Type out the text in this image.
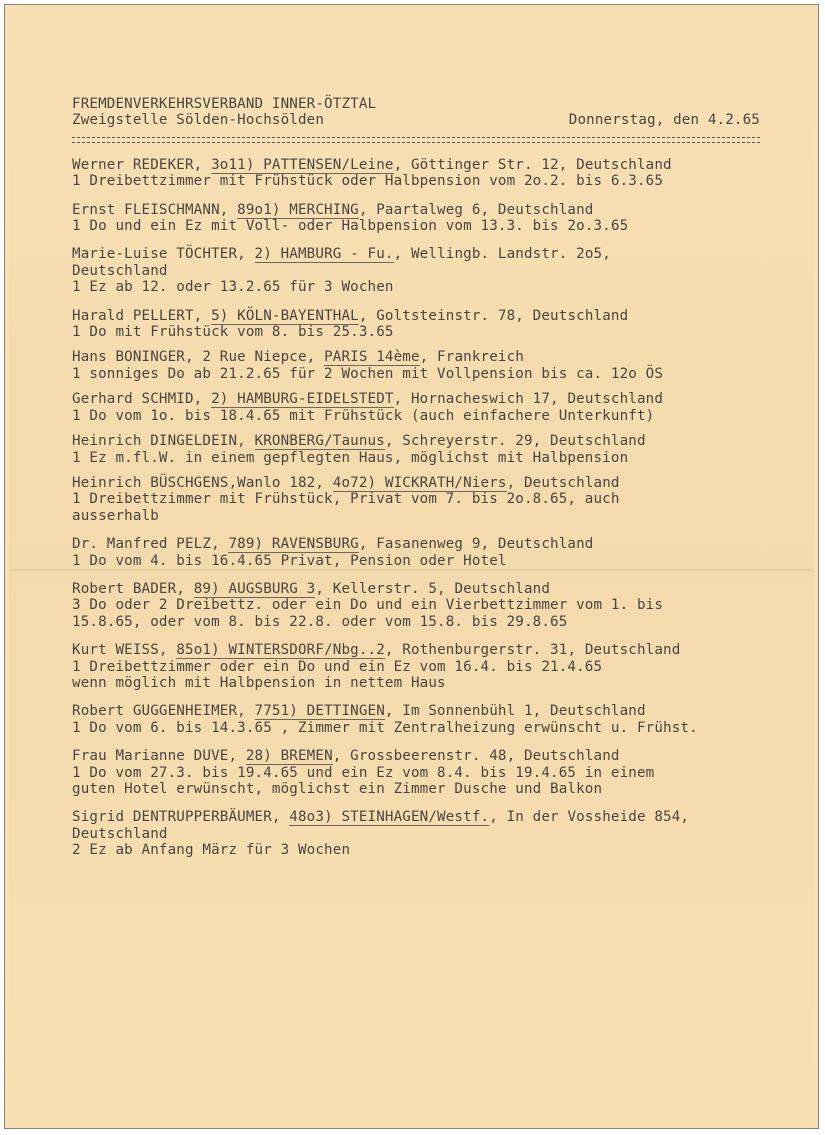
FREMDENVERKEHRSVERBAND INNER-ÖTZTAL
Zweigstelle Sölden-Hochsölden	Donnerstag, den 4.2.65
Werner REDEKER, 3o11) PATTENSEN/Leine, Göttinger Str. 12, Deutschland
1 Dreibettzimmer mit Frühstück oder Halbpension vom 2o.2. bis 6.3.65
Ernst FLEISCHMANN, 89o1) MERCHING, Paartalweg 6, Deutschland
1 Do und ein Ez mit Voll- oder Halbpension vom 13.3. bis 2o.3.65
Marie-Luise TÖCHTER, 2) HAMBURG - Fu., Wellingb. Landstr. 2o5,
Deutschland
1 Ez ab 12. oder 13.2.65 für 3 Wochen
Harald PELLERT, 5) KÖLN-BAYENTHAL, Goltsteinstr. 78, Deutschland
1 Do mit Frühstück vom 8. bis 25.3.65
Hans BONINGER, 2 Rue Niepce, PARIS 14ème, Frankreich
1 sonniges Do ab 21.2.65 für 2 Wochen mit Vollpension bis ca. 12o ÖS
Gerhard SCHMID, 2) HAMBURG-EIDELSTEDT, Hornacheswich 17, Deutschland
1 Do vom 1o. bis 18.4.65 mit Frühstück (auch einfachere Unterkunft)
Heinrich DINGELDEIN, KRONBERG/Taunus, Schreyerstr. 29, Deutschland
1 Ez m.fl.W. in einem gepflegten Haus, möglichst mit Halbpension
Heinrich BÜSCHGENS,Wanlo 182, 4o72) WICKRATH/Niers, Deutschland
1 Dreibettzimmer mit Frühstück, Privat vom 7. bis 2o.8.65, auch
ausserhalb
Dr. Manfred PELZ, 789) RAVENSBURG, Fasanenweg 9, Deutschland
1 Do vom 4. bis 16.4.65 Privat, Pension oder Hotel
Robert BADER, 89) AUGSBURG 3, Kellerstr. 5, Deutschland
3 Do oder 2 Dreibettz. oder ein Do und ein Vierbettzimmer vom 1. bis
15.8.65, oder vom 8. bis 22.8. oder vom 15.8. bis 29.8.65
Kurt WEISS, 85o1) WINTERSDORF/Nbg..2, Rothenburgerstr. 31, Deutschland
1 Dreibettzimmer oder ein Do und ein Ez vom 16.4. bis 21.4.65
wenn möglich mit Halbpension in nettem Haus
Robert GUGGENHEIMER, 7751) DETTINGEN, Im Sonnenbühl 1, Deutschland
1 Do vom 6. bis 14.3.65 , Zimmer mit Zentralheizung erwünscht u. Frühst.
Frau Marianne DUVE, 28) BREMEN, Grossbeerenstr. 48, Deutschland
1 Do vom 27.3. bis 19.4.65 und ein Ez vom 8.4. bis 19.4.65 in einem
guten Hotel erwünscht, möglichst ein Zimmer Dusche und Balkon
Sigrid DENTRUPPERBÄUMER, 48o3) STEINHAGEN/Westf., In der Vossheide 854,
Deutschland
2 Ez ab Anfang März für 3 Wochen
